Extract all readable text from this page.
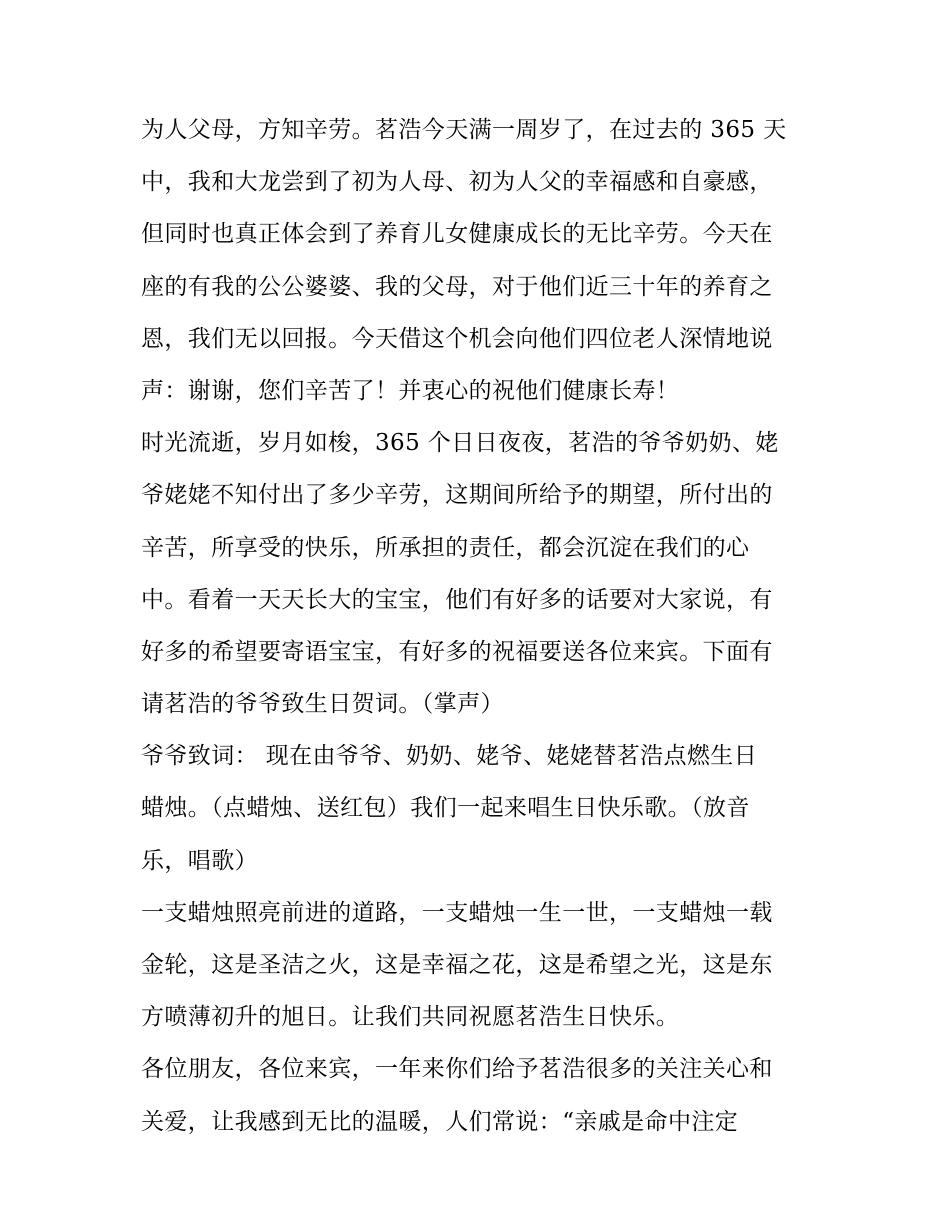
为人父母，方知辛劳。茗浩今天满一周岁了，在过去的 365 天
中，我和大龙尝到了初为人母、初为人父的幸福感和自豪感，
但同时也真正体会到了养育儿女健康成长的无比辛劳。今天在
座的有我的公公婆婆、我的父母，对于他们近三十年的养育之
恩，我们无以回报。今天借这个机会向他们四位老人深情地说
声：谢谢，您们辛苦了！并衷心的祝他们健康长寿！
时光流逝，岁月如梭，365 个日日夜夜，茗浩的爷爷奶奶、姥
爷姥姥不知付出了多少辛劳，这期间所给予的期望，所付出的
辛苦，所享受的快乐，所承担的责任，都会沉淀在我们的心
中。看着一天天长大的宝宝，他们有好多的话要对大家说，有
好多的希望要寄语宝宝，有好多的祝福要送各位来宾。下面有
请茗浩的爷爷致生日贺词。（掌声）
爷爷致词： 现在由爷爷、奶奶、姥爷、姥姥替茗浩点燃生日
蜡烛。（点蜡烛、送红包）我们一起来唱生日快乐歌。（放音
乐，唱歌）
一支蜡烛照亮前进的道路，一支蜡烛一生一世，一支蜡烛一载
金轮，这是圣洁之火，这是幸福之花，这是希望之光，这是东
方喷薄初升的旭日。让我们共同祝愿茗浩生日快乐。
各位朋友，各位来宾，一年来你们给予茗浩很多的关注关心和
关爱，让我感到无比的温暖，人们常说：“亲戚是命中注定
